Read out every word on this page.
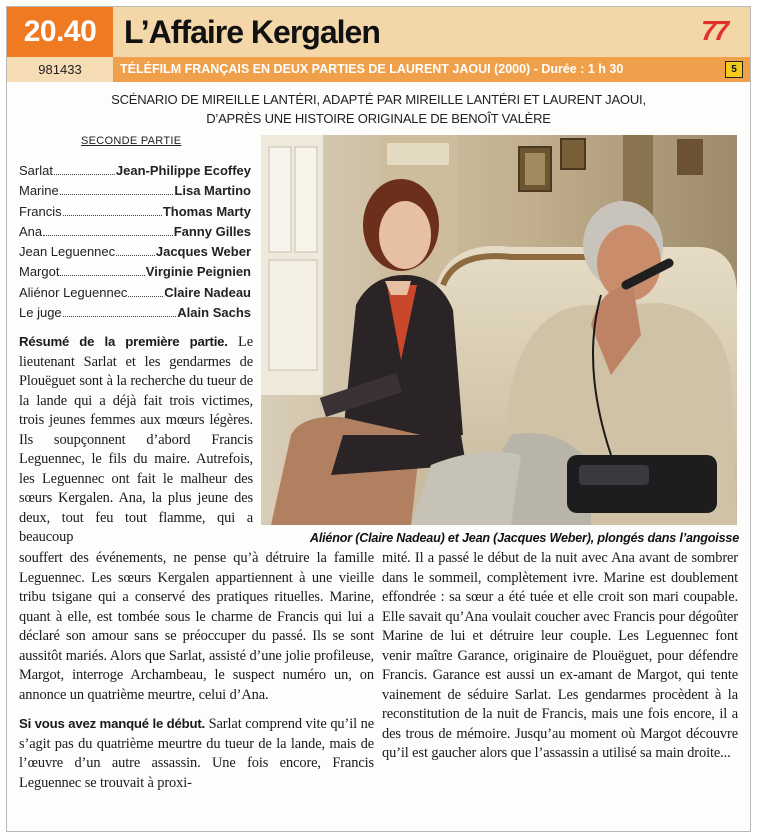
20.40 L’Affaire Kergalen	77
981433	TÉLÉFILM FRANÇAIS EN DEUX PARTIES DE LAURENT JAOUI (2000) - Durée : 1 h 30	5
SCÉNARIO DE MIREILLE LANTÉRI, ADAPTÉ PAR MIREILLE LANTÉRI ET LAURENT JAOUI,
D’APRÈS UNE HISTOIRE ORIGINALE DE BENOÎT VALÈRE
SECONDE PARTIE
Sarlat	Jean-Philippe Ecoffey
Marine	Lisa Martino
Francis	Thomas Marty
Ana	Fanny Gilles
Jean Leguennec	Jacques Weber
Margot	Virginie Peignien
Aliénor Leguennec	Claire Nadeau
Le juge	Alain Sachs
Aliénor (Claire Nadeau) et Jean (Jacques Weber), plongés dans l’angoisse

Résumé de la première partie. Le lieutenant Sarlat et les gendarmes de Plouëguet sont à la recherche du tueur de la lande qui a déjà fait trois victimes, trois jeunes femmes aux mœurs légères. Ils soupçonnent d’abord Francis Leguennec, le fils du maire. Autrefois, les Leguennec ont fait le malheur des sœurs Kergalen. Ana, la plus jeune des deux, tout feu tout flamme, qui a beaucoup

souffert des événements, ne pense qu’à détruire la famille Leguennec. Les sœurs Kergalen appartiennent à une vieille tribu tsigane qui a conservé des pratiques rituelles. Marine, quant à elle, est tombée sous le charme de Francis qui lui a déclaré son amour sans se préoccuper du passé. Ils se sont aussitôt mariés. Alors que Sarlat, assisté d’une jolie profileuse, Margot, interroge Archambeau, le suspect numéro un, on annonce un quatrième meurtre, celui d’Ana.

Si vous avez manqué le début. Sarlat comprend vite qu’il ne s’agit pas du quatrième meurtre du tueur de la lande, mais de l’œuvre d’un autre assassin. Une fois encore, Francis Leguennec se trouvait à proxi-

mité. Il a passé le début de la nuit avec Ana avant de sombrer dans le sommeil, complètement ivre. Marine est doublement effondrée : sa sœur a été tuée et elle croit son mari coupable. Elle savait qu’Ana voulait coucher avec Francis pour dégoûter Marine de lui et détruire leur couple. Les Leguennec font venir maître Garance, originaire de Plouëguet, pour défendre Francis. Garance est aussi un ex-amant de Margot, qui tente vainement de séduire Sarlat. Les gendarmes procèdent à la reconstitution de la nuit de Francis, mais une fois encore, il a des trous de mémoire. Jusqu’au moment où Margot découvre qu’il est gaucher alors que l’assassin a utilisé sa main droite...
